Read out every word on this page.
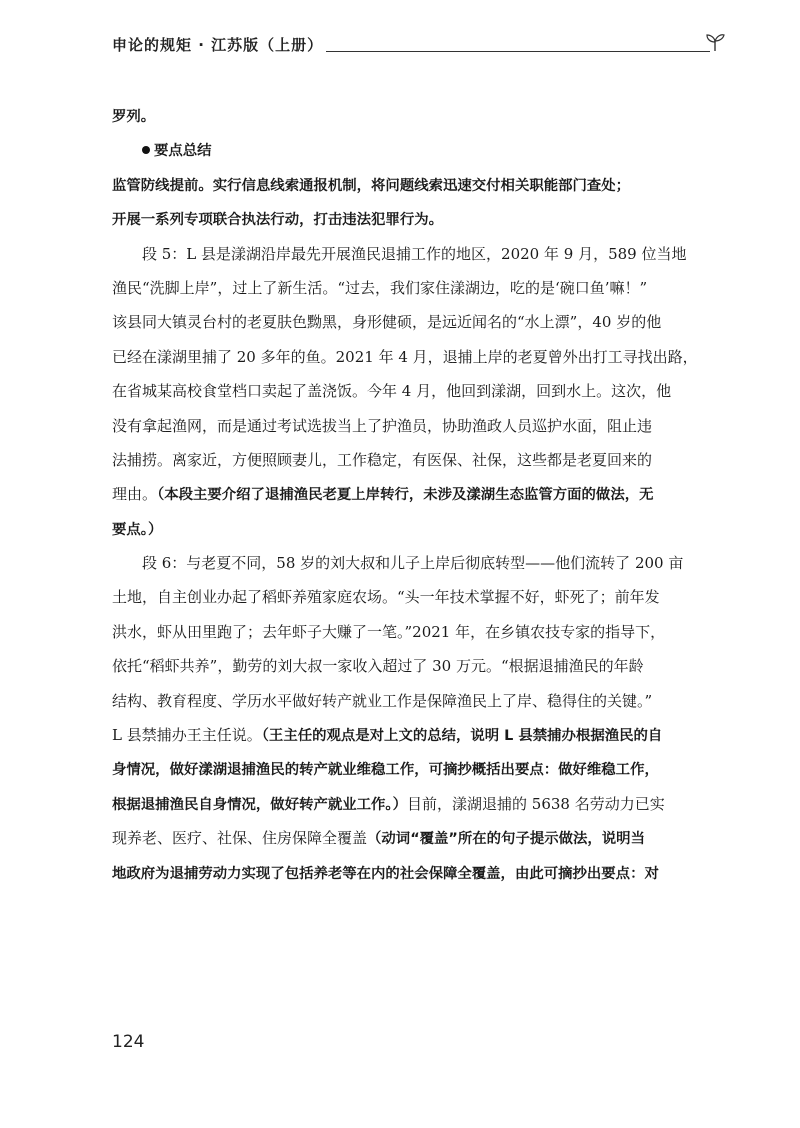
申论的规矩 · 江苏版（上册）
罗列。
要点总结
监管防线提前。实行信息线索通报机制，将问题线索迅速交付相关职能部门查处；
开展一系列专项联合执法行动，打击违法犯罪行为。
段 5：L 县是漾湖沿岸最先开展渔民退捕工作的地区，2020 年 9 月，589 位当地
渔民“洗脚上岸”，过上了新生活。“过去，我们家住漾湖边，吃的是‘碗口鱼’嘛！”
该县同大镇灵台村的老夏肤色黝黑，身形健硕，是远近闻名的“水上漂”，40 岁的他
已经在漾湖里捕了 20 多年的鱼。2021 年 4 月，退捕上岸的老夏曾外出打工寻找出路，
在省城某高校食堂档口卖起了盖浇饭。今年 4 月，他回到漾湖，回到水上。这次，他
没有拿起渔网，而是通过考试选拔当上了护渔员，协助渔政人员巡护水面，阻止违
法捕捞。离家近，方便照顾妻儿，工作稳定，有医保、社保，这些都是老夏回来的
理由。（本段主要介绍了退捕渔民老夏上岸转行，未涉及漾湖生态监管方面的做法，无
要点。）
段 6：与老夏不同，58 岁的刘大叔和儿子上岸后彻底转型——他们流转了 200 亩
土地，自主创业办起了稻虾养殖家庭农场。“头一年技术掌握不好，虾死了；前年发
洪水，虾从田里跑了；去年虾子大赚了一笔。”2021 年，在乡镇农技专家的指导下，
依托“稻虾共养”，勤劳的刘大叔一家收入超过了 30 万元。“根据退捕渔民的年龄
结构、教育程度、学历水平做好转产就业工作是保障渔民上了岸、稳得住的关键。”
L 县禁捕办王主任说。（王主任的观点是对上文的总结，说明 L 县禁捕办根据渔民的自
身情况，做好漾湖退捕渔民的转产就业维稳工作，可摘抄概括出要点：做好维稳工作，
根据退捕渔民自身情况，做好转产就业工作。）目前，漾湖退捕的 5638 名劳动力已实
现养老、医疗、社保、住房保障全覆盖（动词“覆盖”所在的句子提示做法，说明当
地政府为退捕劳动力实现了包括养老等在内的社会保障全覆盖，由此可摘抄出要点：对
124
